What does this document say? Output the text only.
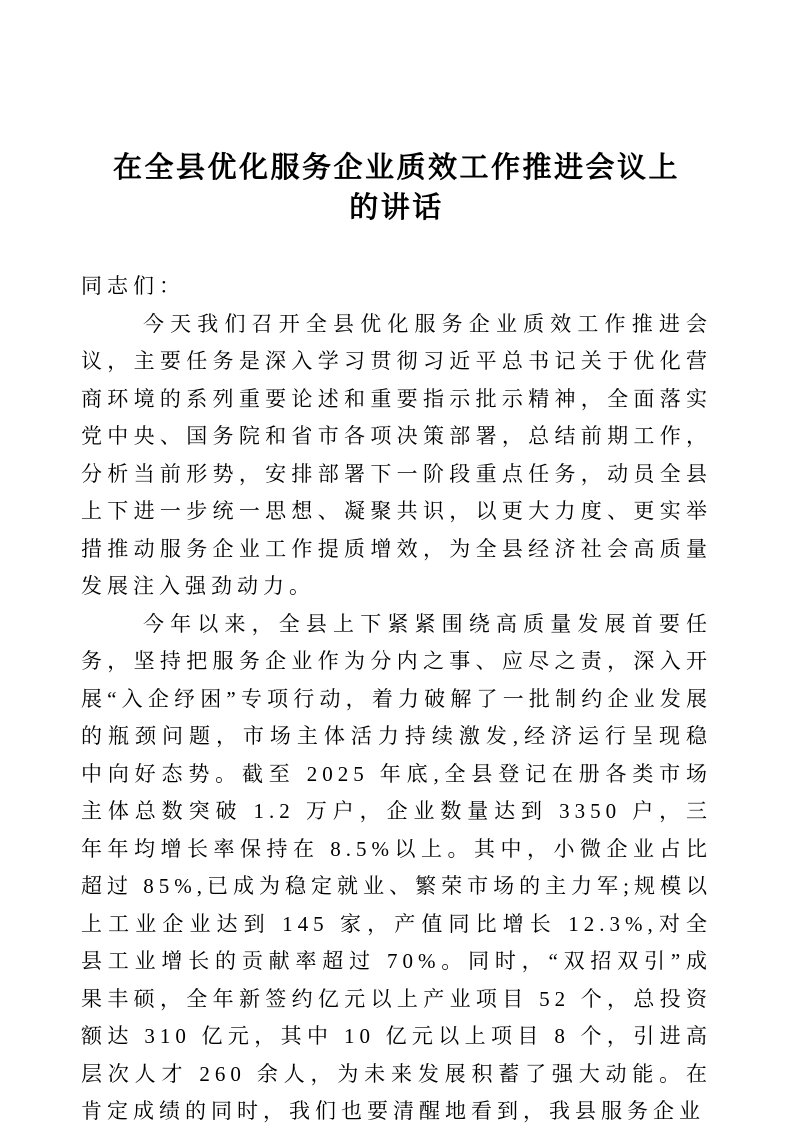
在全县优化服务企业质效工作推进会议上的讲话

同志们：

今天我们召开全县优化服务企业质效工作推进会议，主要任务是深入学习贯彻习近平总书记关于优化营商环境的系列重要论述和重要指示批示精神，全面落实党中央、国务院和省市各项决策部署，总结前期工作，分析当前形势，安排部署下一阶段重点任务，动员全县上下进一步统一思想、凝聚共识，以更大力度、更实举措推动服务企业工作提质增效，为全县经济社会高质量发展注入强劲动力。

今年以来，全县上下紧紧围绕高质量发展首要任务，坚持把服务企业作为分内之事、应尽之责，深入开展“入企纾困”专项行动，着力破解了一批制约企业发展的瓶颈问题，市场主体活力持续激发,经济运行呈现稳中向好态势。截至 2025 年底,全县登记在册各类市场主体总数突破 1.2 万户，企业数量达到 3350 户，三年年均增长率保持在 8.5%以上。其中，小微企业占比超过 85%,已成为稳定就业、繁荣市场的主力军;规模以上工业企业达到 145 家，产值同比增长 12.3%,对全县工业增长的贡献率超过 70%。同时，“双招双引”成果丰硕，全年新签约亿元以上产业项目 52 个，总投资额达 310 亿元，其中 10 亿元以上项目 8 个，引进高层次人才 260 余人，为未来发展积蓄了强大动能。在肯定成绩的同时，我们也要清醒地看到，我县服务企业
